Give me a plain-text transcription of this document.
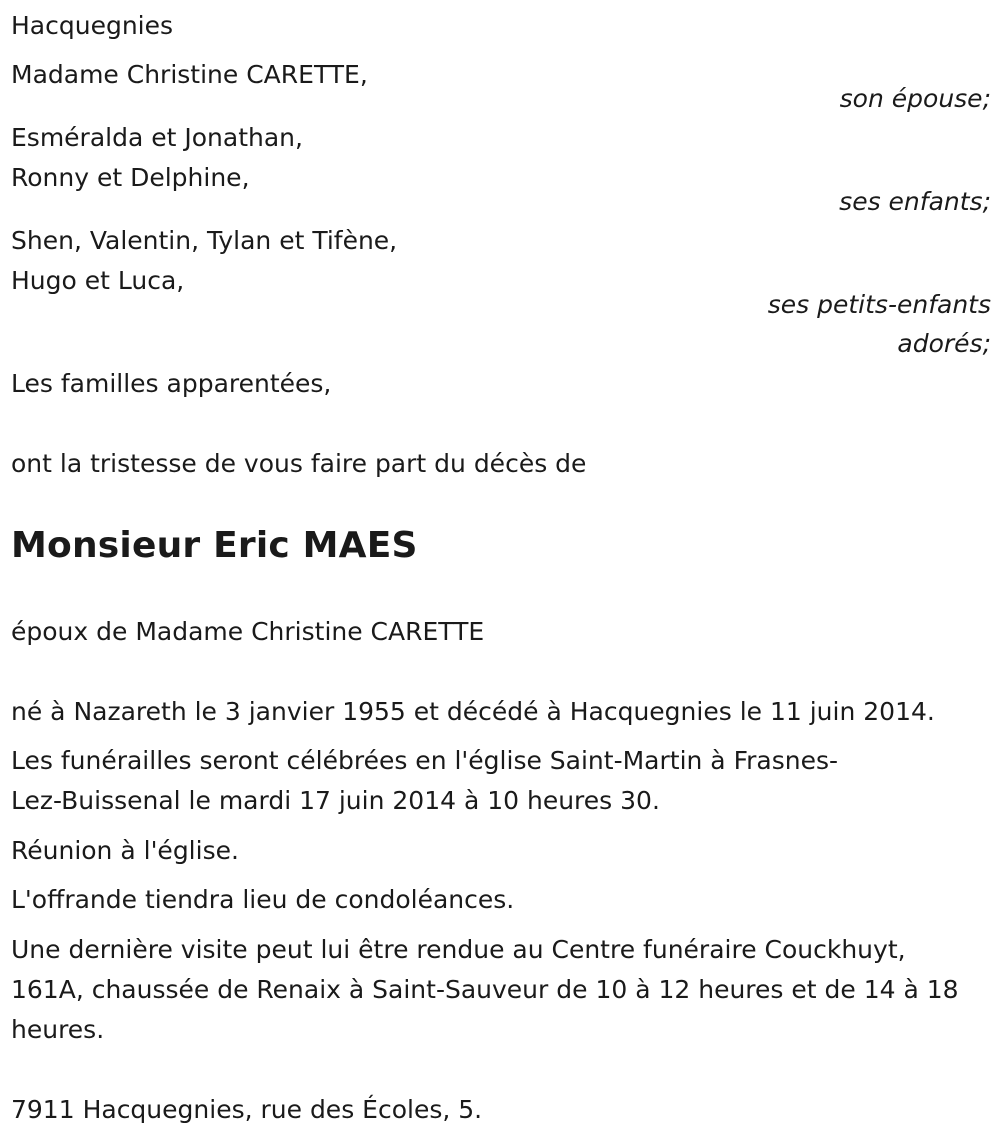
Hacquegnies
Madame Christine CARETTE,
son épouse;
Esméralda et Jonathan,
Ronny et Delphine,
ses enfants;
Shen, Valentin, Tylan et Tifène,
Hugo et Luca,
ses petits-enfants
adorés;
Les familles apparentées,
ont la tristesse de vous faire part du décès de
Monsieur Eric MAES
époux de Madame Christine CARETTE
né à Nazareth le 3 janvier 1955 et décédé à Hacquegnies le 11 juin 2014.
Les funérailles seront célébrées en l'église Saint-Martin à Frasnes-
Lez-Buissenal le mardi 17 juin 2014 à 10 heures 30.
Réunion à l'église.
L'offrande tiendra lieu de condoléances.
Une dernière visite peut lui être rendue au Centre funéraire Couckhuyt,
161A, chaussée de Renaix à Saint-Sauveur de 10 à 12 heures et de 14 à 18
heures.
7911 Hacquegnies, rue des Écoles, 5.
